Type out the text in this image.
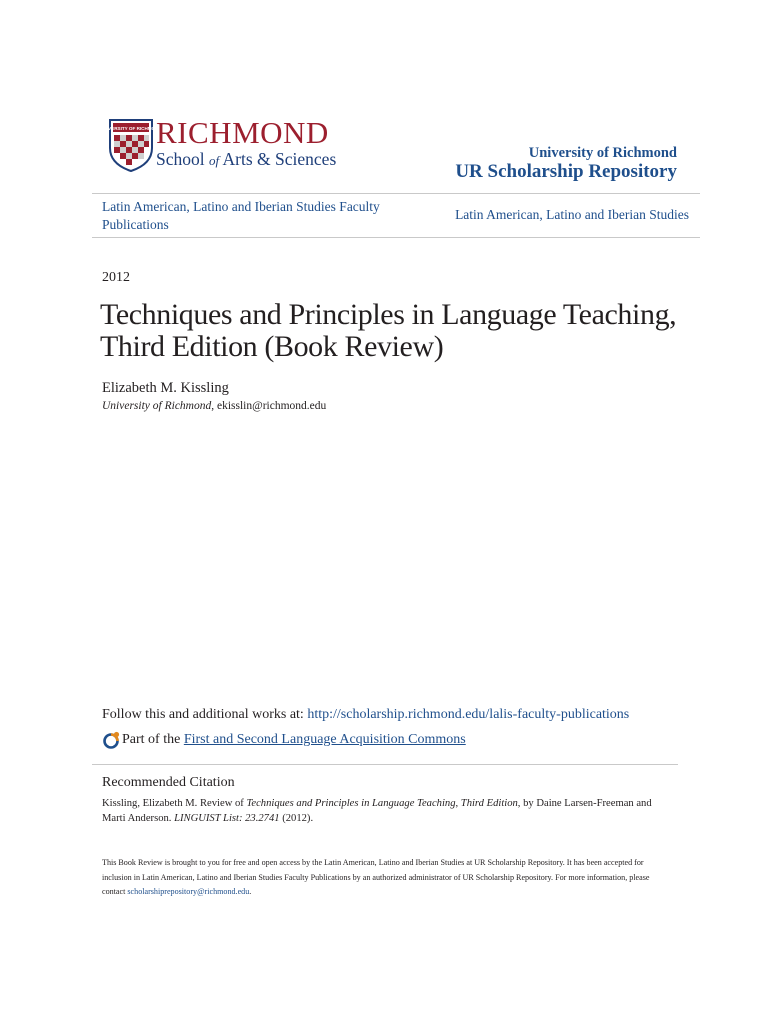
UNIVERSITY OF RICHMOND
RICHMOND
School of Arts & Sciences	University of Richmond
UR Scholarship Repository
Latin American, Latino and Iberian Studies Faculty Publications
Latin American, Latino and Iberian Studies
2012
Techniques and Principles in Language Teaching, Third Edition (Book Review)
Elizabeth M. Kissling
University of Richmond, ekisslin@richmond.edu
Follow this and additional works at: http://scholarship.richmond.edu/lalis-faculty-publications
Part of the
First and Second Language Acquisition Commons
Recommended Citation
Kissling, Elizabeth M. Review of Techniques and Principles in Language Teaching, Third Edition, by Daine Larsen-Freeman and Marti Anderson. LINGUIST List: 23.2741 (2012).
This Book Review is brought to you for free and open access by the Latin American, Latino and Iberian Studies at UR Scholarship Repository. It has been accepted for inclusion in Latin American, Latino and Iberian Studies Faculty Publications by an authorized administrator of UR Scholarship Repository. For more information, please contact scholarshiprepository@richmond.edu.
